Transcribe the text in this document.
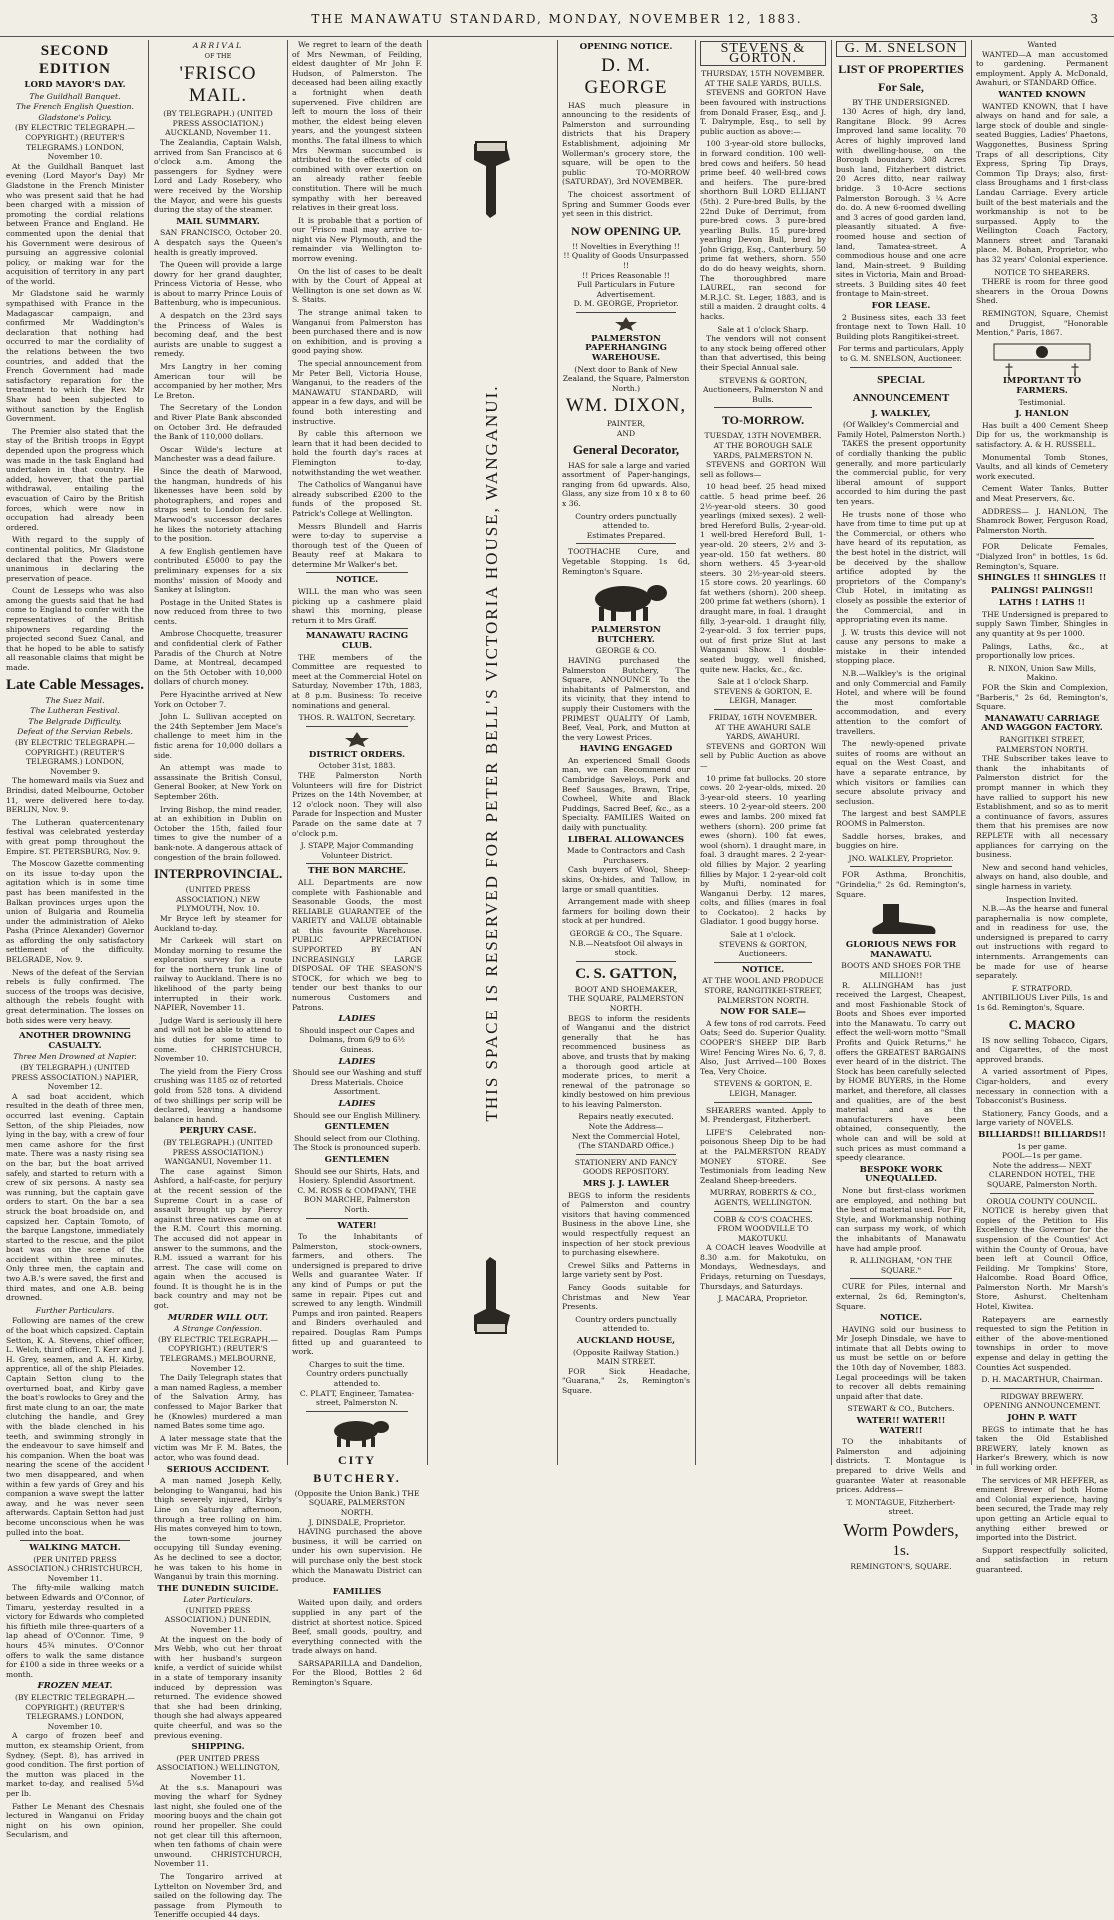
THE MANAWATU STANDARD, MONDAY, NOVEMBER 12, 1883.	3
SECOND EDITION
LORD MAYOR'S DAY.
The Guildhall Banquet.
The French English Question.
Gladstone's Policy.
(BY ELECTRIC TELEGRAPH.—COPYRIGHT.) (REUTER'S TELEGRAMS.) LONDON, November 10.

At the Guildhall Banquet last evening (Lord Mayor's Day) Mr Gladstone in the French Minister who was present said that he had been charged with a mission of promoting the cordial relations between France and England. He commented upon the denial that his Government were desirous of pursuing an aggressive colonial policy, or making war for the acquisition of territory in any part of the world.

Mr Gladstone said he warmly sympathised with France in the Madagascar campaign, and confirmed Mr Waddington's declaration that nothing had occurred to mar the cordiality of the relations between the two countries, and added that the French Government had made satisfactory reparation for the treatment to which the Rev. Mr Shaw had been subjected to without sanction by the English Government.

The Premier also stated that the stay of the British troops in Egypt depended upon the progress which was made in the task England had undertaken in that country. He added, however, that the partial withdrawal, entailing the evacuation of Cairo by the British forces, which were now in occupation had already been ordered.

With regard to the supply of continental politics, Mr Gladstone declared that the Powers were unanimous in declaring the preservation of peace.

Count de Lesseps who was also among the guests said that he had come to England to confer with the representatives of the British shipowners regarding the projected second Suez Canal, and that he hoped to be able to satisfy all reasonable claims that might be made.

Late Cable Messages.
The Suez Mail.
The Lutheran Festival.
The Belgrade Difficulty.
Defeat of the Servian Rebels.
(BY ELECTRIC TELEGRAPH.—COPYRIGHT.) (REUTER'S TELEGRAMS.) LONDON, November 9.

The homeward mails via Suez and Brindisi, dated Melbourne, October 11, were delivered here to-day. BERLIN, Nov. 9.

The Lutheran quatercentenary festival was celebrated yesterday with great pomp throughout the Empire. ST. PETERSBURG, Nov. 9.

The Moscow Gazette commenting on its issue to-day upon the agitation which is in some time past has been manifested in the Balkan provinces urges upon the union of Bulgaria and Roumelia under the administration of Aleko Pasha (Prince Alexander) Governor as affording the only satisfactory settlement of the difficulty. BELGRADE, Nov. 9.

News of the defeat of the Servian rebels is fully confirmed. The success of the troops was decisive, although the rebels fought with great determination. The losses on both sides were very heavy.

ANOTHER DROWNING CASUALTY.
Three Men Drowned at Napier.
(BY TELEGRAPH.) (UNITED PRESS ASSOCIATION.) NAPIER, November 12.

A sad boat accident, which resulted in the death of three men, occurred last evening. Captain Setton, of the ship Pleiades, now lying in the bay, with a crew of four men came ashore for the first mate. There was a nasty rising sea on the bar, but the boat arrived safely, and started to return with a crew of six persons. A nasty sea was running, but the captain gave orders to start. On the bar a sea struck the boat broadside on, and capsized her. Captain Tomoto, of the barque Langstone, immediately started to the rescue, and the pilot boat was on the scene of the accident within three minutes. Only three men, the captain and two A.B.'s were saved, the first and third mates, and one A.B. being drowned.

Further Particulars.

Following are names of the crew of the boat which capsized. Captain Setton, K. A. Stevens, chief officer, L. Welch, third officer, T. Kerr and J. H. Grey, seamen, and A. H. Kirby, apprentice, all of the ship Pleiades. Captain Setton clung to the overturned boat, and Kirby gave the boat's rowlocks to Grey and the first mate clung to an oar, the mate clutching the handle, and Grey with the blade clenched in his teeth, and swimming strongly in the endeavour to save himself and his companion. When the boat was nearing the scene of the accident two men disappeared, and when within a few yards of Grey and his companion a wave swept the latter away, and he was never seen afterwards. Captain Setton had just become unconscious when he was pulled into the boat.

WALKING MATCH.
(PER UNITED PRESS ASSOCIATION.) CHRISTCHURCH, November 11.

The fifty-mile walking match between Edwards and O'Connor, of Timaru, yesterday resulted in a victory for Edwards who completed his fiftieth mile three-quarters of a lap ahead of O'Connor. Time, 9 hours 45¾ minutes. O'Connor offers to walk the same distance for £100 a side in three weeks or a month.

FROZEN MEAT.
(BY ELECTRIC TELEGRAPH.—COPYRIGHT.) (REUTER'S TELEGRAMS.) LONDON, November 10.

A cargo of frozen beef and mutton, ex steamship Orient, from Sydney, (Sept. 8), has arrived in good condition. The first portion of the mutton was placed in the market to-day, and realised 5¼d per lb.

Father Le Menant des Chesnais lectured in Wanganui on Friday night on his own opinion, Secularism, and

ARRIVAL
OF THE
'FRISCO MAIL.
(BY TELEGRAPH.) (UNITED PRESS ASSOCIATION.) AUCKLAND, November 11.

The Zealandia, Captain Walsh, arrived from San Francisco at 6 o'clock a.m. Among the passengers for Sydney were Lord and Lady Rosebery, who were received by the Worship the Mayor, and were his guests during the stay of the steamer.

MAIL SUMMARY.

SAN FRANCISCO, October 20. A despatch says the Queen's health is greatly improved.

The Queen will provide a large dowry for her grand daughter, Princess Victoria of Hesse, who is about to marry Prince Louis of Battenburg, who is impecunious.

A despatch on the 23rd says the Princess of Wales is becoming deaf, and the best aurists are unable to suggest a remedy.

Mrs Langtry in her coming American tour will be accompanied by her mother, Mrs Le Breton.

The Secretary of the London and River Plate Bank absconded on October 3rd. He defrauded the Bank of 110,000 dollars.

Oscar Wilde's lecture at Manchester was a dead failure.

Since the death of Marwood, the hangman, hundreds of his likenesses have been sold by photographers, and ropes and straps sent to London for sale. Marwood's successor declares he likes the notoriety attaching to the position.

A few English gentlemen have contributed £5000 to pay the preliminary expenses for a six months' mission of Moody and Sankey at Islington.

Postage in the United States is now reduced from three to two cents.

Ambrose Chocquette, treasurer and confidential clerk of Father Paradis of the Church at Notre Dame, at Montreal, decamped on the 5th October with 10,000 dollars of church money.

Pere Hyacinthe arrived at New York on October 7.

John L. Sullivan accepted on the 24th September Jem Mace's challenge to meet him in the fistic arena for 10,000 dollars a side.

An attempt was made to assassinate the British Consul, General Booker, at New York on September 26th.

Irving Bishop, the mind reader, at an exhibition in Dublin on October the 15th, failed four times to give the number of a bank-note. A dangerous attack of congestion of the brain followed.

INTERPROVINCIAL.
(UNITED PRESS ASSOCIATION.) NEW PLYMOUTH, Nov. 10.

Mr Bryce left by steamer for Auckland to-day.

Mr Carkeek will start on Monday morning to resume the exploration survey for a route for the northern trunk line of railway to Auckland. There is no likelihood of the party being interrupted in their work. NAPIER, November 11.

Judge Ward is seriously ill here and will not be able to attend to his duties for some time to come. CHRISTCHURCH, November 10.

The yield from the Fiery Cross crushing was 1185 oz of retorted gold from 528 tons. A dividend of two shillings per scrip will be declared, leaving a handsome balance in hand.

PERJURY CASE.
(BY TELEGRAPH.) (UNITED PRESS ASSOCIATION.) WANGANUI, November 11.

The case against Simon Ashford, a half-caste, for perjury at the recent session of the Supreme Court in a case of assault brought up by Piercy against three natives came on at the R.M. Court this morning. The accused did not appear in answer to the summons, and the R.M. issued a warrant for his arrest. The case will come on again when the accused is found. It is thought he is in the back country and may not be got.

MURDER WILL OUT.
A Strange Confession.
(BY ELECTRIC TELEGRAPH.—COPYRIGHT.) (REUTER'S TELEGRAMS.) MELBOURNE, November 12.

The Daily Telegraph states that a man named Ragless, a member of the Salvation Army, has confessed to Major Barker that he (Knowles) murdered a man named Bates some time ago.

A later message state that the victim was Mr F. M. Bates, the actor, who was found dead.

SERIOUS ACCIDENT.

A man named Joseph Kelly, belonging to Wanganui, had his thigh severely injured, Kirby's Line on Saturday afternoon, through a tree rolling on him. His mates conveyed him to town, the town-some journey occupying till Sunday evening. As he declined to see a doctor, he was taken to his home in Wanganui by train this morning.

THE DUNEDIN SUICIDE.
Later Particulars.
(UNITED PRESS ASSOCIATION.) DUNEDIN, November 11.

At the inquest on the body of Mrs Webb, who cut her throat with her husband's surgeon knife, a verdict of suicide whilst in a state of temporary insanity induced by depression was returned. The evidence showed that she had been drinking, though she had always appeared quite cheerful, and was so the previous evening.

SHIPPING.
(PER UNITED PRESS ASSOCIATION.) WELLINGTON, November 11.

At the s.s. Manapouri was moving the wharf for Sydney last night, she fouled one of the mooring buoys and the chain got round her propeller. She could not get clear till this afternoon, when ten fathoms of chain were unwound. CHRISTCHURCH, November 11.

The Tongariro arrived at Lyttelton on November 3rd, and sailed on the following day. The passage from Plymouth to Teneriffe occupied 44 days.

We regret to learn of the death of Mrs Newman, of Feilding, eldest daughter of Mr John F. Hudson, of Palmerston. The deceased had been ailing exactly a fortnight when death supervened. Five children are left to mourn the loss of their mother, the eldest being eleven years, and the youngest sixteen months. The fatal illness to which Mrs Newman succumbed is attributed to the effects of cold combined with over exertion on an already rather feeble constitution. There will be much sympathy with her bereaved relatives in their great loss.

It is probable that a portion of our 'Frisco mail may arrive to-night via New Plymouth, and the remainder via Wellington to-morrow evening.

On the list of cases to be dealt with by the Court of Appeal at Wellington is one set down as W. S. Staits.

The strange animal taken to Wanganui from Palmerston has been purchased there and is now on exhibition, and is proving a good paying show.

The special announcement from Mr Peter Bell, Victoria House, Wanganui, to the readers of the MANAWATU STANDARD, will appear in a few days, and will be found both interesting and instructive.

By cable this afternoon we learn that it had been decided to hold the fourth day's races at Flemington to-day, notwithstanding the wet weather.

The Catholics of Wanganui have already subscribed £200 to the funds of the proposed St. Patrick's College at Wellington.

Messrs Blundell and Harris were to-day to supervise a thorough test of the Queen of Beauty reef at Makara to determine Mr Walker's bet.

NOTICE.

WILL the man who was seen picking up a cashmere plaid shawl this morning, please return it to Mrs Graff.

MANAWATU RACING CLUB.

THE members of the Committee are requested to meet at the Commercial Hotel on Saturday, November 17th, 1883, at 8 p.m. Business: To receive nominations and general.

THOS. R. WALTON, Secretary.
DISTRICT ORDERS.
October 31st, 1883.

THE Palmerston North Volunteers will fire for District Prizes on the 14th November, at 12 o'clock noon. They will also Parade for Inspection and Muster Parade on the same date at 7 o'clock p.m.

J. STAPP, Major Commanding Volunteer District.
THE BON MARCHE.

ALL Departments are now complete with Fashionable and Seasonable Goods, the most RELIABLE GUARANTEE of the VARIETY and VALUE obtainable at this favourite Warehouse. PUBLIC APPRECIATION SUPPORTED BY AN INCREASINGLY LARGE DISPOSAL OF THE SEASON'S STOCK, for which we beg to tender our best thanks to our numerous Customers and Patrons.

LADIES
Should inspect our Capes and Dolmans, from 6/9 to 6½ Guineas.
LADIES
Should see our Washing and stuff Dress Materials. Choice Assortment.
LADIES
Should see our English Millinery.
GENTLEMEN
Should select from our Clothing. The Stock is pronounced superb.
GENTLEMEN
Should see our Shirts, Hats, and Hosiery. Splendid Assortment.
C. M. ROSS & COMPANY, THE BON MARCHE, Palmerston North.
WATER!

To the Inhabitants of Palmerston, stock-owners, farmers, and others. The undersigned is prepared to drive Wells and guarantee Water. If any kind of Pumps or put the same in repair. Pipes cut and screwed to any length. Windmill Pumps and iron painted. Reapers and Binders overhauled and repaired. Douglas Ram Pumps fitted up and guaranteed to work.

Charges to suit the time.
Country orders punctually attended to.
C. PLATT, Engineer, Tamatea-street, Palmerston N.
CITY BUTCHERY.
(Opposite the Union Bank.) THE SQUARE, PALMERSTON NORTH.
J. DINSDALE, Proprietor.

HAVING purchased the above business, it will be carried on under his own supervision. He will purchase only the best stock which the Manawatu District can produce.

FAMILIES

Waited upon daily, and orders supplied in any part of the district at shortest notice. Spiced Beef, small goods, poultry, and everything connected with the trade always on hand.

SARSAPARILLA and Dandelion, For the Blood, Bottles 2 6d Remington's Square.

THIS SPACE IS RESERVED FOR PETER BELL'S VICTORIA HOUSE, WANGANUI.
OPENING NOTICE.
D. M. GEORGE

HAS much pleasure in announcing to the residents of Palmerston and surrounding districts that his Drapery Establishment, adjoining Mr Wollerman's grocery store, the square, will be open to the public TO-MORROW (SATURDAY), 3rd NOVEMBER.

The choicest assortment of Spring and Summer Goods ever yet seen in this district.

NOW OPENING UP.
!! Novelties in Everything !!
!! Quality of Goods Unsurpassed !!
!! Prices Reasonable !!
Full Particulars in Future Advertisement.
D. M. GEORGE, Proprietor.
PALMERSTON PAPERHANGING WAREHOUSE.
(Next door to Bank of New Zealand, the Square, Palmerston North.)
WM. DIXON,
PAINTER,
AND
General Decorator,

HAS for sale a large and varied assortment of Paper-hangings, ranging from 6d upwards. Also, Glass, any size from 10 x 8 to 60 x 36.

Country orders punctually attended to.
Estimates Prepared.

TOOTHACHE Cure, and Vegetable Stopping. 1s 6d, Remington's Square.

PALMERSTON BUTCHERY.
GEORGE & CO.

HAVING purchased the Palmerston Butchery, The Square, ANNOUNCE To the inhabitants of Palmerston, and its vicinity, that they intend to supply their Customers with the PRIMEST QUALITY Of Lamb, Beef, Veal, Pork, and Mutton at the very Lowest Prices.

HAVING ENGAGED

An experienced Small Goods man, we can Recommend our Cambridge Saveloys, Pork and Beef Sausages, Brawn, Tripe, Cowheel, White and Black Puddings, Sacred Beef, &c., as a Specialty. FAMILIES Waited on daily with punctuality.

LIBERAL ALLOWANCES
Made to Contractors and Cash Purchasers.

Cash buyers of Wool, Sheep-skins, Ox-hides, and Tallow, in large or small quantities.

Arrangement made with sheep farmers for boiling down their stock at per hundred.

GEORGE & CO., The Square.
N.B.—Neatsfoot Oil always in stock.
C. S. GATTON,
BOOT AND SHOEMAKER,
THE SQUARE, PALMERSTON NORTH.

BEGS to inform the residents of Wanganui and the district generally that he has recommenced business as above, and trusts that by making a thorough good article at moderate prices, to merit a renewal of the patronage so kindly bestowed on him previous to his leaving Palmerston.

Repairs neatly executed.
Note the Address—
Next the Commercial Hotel, (The STANDARD Office.)
STATIONERY AND FANCY GOODS REPOSITORY.
MRS J. J. LAWLER

BEGS to inform the residents of Palmerston and country visitors that having commenced Business in the above Line, she would respectfully request an inspection of her stock previous to purchasing elsewhere.

Crewel Silks and Patterns in large variety sent by Post.

Fancy Goods suitable for Christmas and New Year Presents.

Country orders punctually attended to.
AUCKLAND HOUSE,
(Opposite Railway Station.) MAIN STREET.

FOR Sick Headache, "Guarana," 2s, Remington's Square.

STEVENS & GORTON.
THURSDAY, 15TH NOVEMBER.
AT THE SALE YARDS, BULLS.

STEVENS and GORTON Have been favoured with instructions from Donald Fraser, Esq., and J. T. Dalrymple, Esq., to sell by public auction as above:—

100 3-year-old store bullocks, in forward condition. 100 well-bred cows and heifers. 50 head prime beef. 40 well-bred cows and heifers. The pure-bred shorthorn Bull LORD ELLIANT (5th). 2 Pure-bred Bulls, by the 22nd Duke of Derrimut, from pure-bred cows. 3 pure-bred yearling Bulls. 15 pure-bred yearling Devon Bull, bred by John Grigg, Esq., Canterbury. 50 prime fat wethers, shorn. 550 do do do heavy weights, shorn. The thoroughbred mare LAUREL, ran second for M.R.J.C. St. Leger, 1883, and is still a maiden. 2 draught colts. 4 hacks.

Sale at 1 o'clock Sharp.

The vendors will not consent to any stock being offered other than that advertised, this being their Special Annual sale.

STEVENS & GORTON, Auctioneers, Palmerston N and Bulls.
TO-MORROW.
TUESDAY, 13TH NOVEMBER.
AT THE BOROUGH SALE YARDS, PALMERSTON N.

STEVENS and GORTON Will sell as follows—

10 head beef. 25 head mixed cattle. 5 head prime beef. 26 2½-year-old steers. 30 good yearlings (mixed sexes). 2 well-bred Hereford Bulls, 2-year-old. 1 well-bred Hereford Bull, 1-year-old. 20 steers, 2½ and 3-year-old. 150 fat wethers. 80 shorn wethers. 45 3-year-old steers. 30 2½-year-old steers. 15 store cows. 20 yearlings. 60 fat wethers (shorn). 200 sheep. 200 prime fat wethers (shorn). 1 draught mare, in foal. 1 draught filly, 3-year-old. 1 draught filly, 2-year-old. 3 fox terrier pups, out of first prize Slut at last Wanganui Show. 1 double-seated buggy, well finished, quite new. Hacks, &c., &c.

Sale at 1 o'clock Sharp.
STEVENS & GORTON, E. LEIGH, Manager.
FRIDAY, 16TH NOVEMBER.
AT THE AWAHURI SALE YARDS, AWAHURI.

STEVENS and GORTON Will sell by Public Auction as above—

10 prime fat bullocks. 20 store cows. 20 2-year-olds, mixed. 20 3-year-old steers. 10 yearling steers. 10 2-year-old steers. 200 ewes and lambs. 200 mixed fat wethers (shorn). 200 prime fat ewes (shorn). 100 fat ewes, wool (shorn). 1 draught mare, in foal. 3 draught mares. 2 2-year-old fillies by Major. 2 yearling fillies by Major. 1 2-year-old colt by Mufti, nominated for Wanganui Derby. 12 mares, colts, and fillies (mares in foal to Cockatoo). 2 hacks by Gladiator. 1 good buggy horse.

Sale at 1 o'clock.
STEVENS & GORTON, Auctioneers.
NOTICE.
AT THE WOOL AND PRODUCE STORE, RANGITIKEI-STREET, PALMERSTON NORTH.
NOW FOR SALE—

A few tons of rod carrots. Feed Oats; Seed do. Superior Quality. COOPER'S SHEEP DIP. Barb Wire! Fencing Wires No. 6, 7, 8. Also, Just Arrived—100 Boxes Tea, Very Choice.

STEVENS & GORTON, E. LEIGH, Manager.

SHEARERS wanted. Apply to M. Prendergast, Fitzherbert.

LIFE'S Celebrated non-poisonous Sheep Dip to be had at the PALMERSTON READY MONEY STORE. See Testimonials from leading New Zealand Sheep-breeders.

MURRAY, ROBERTS & CO., AGENTS, WELLINGTON.
COBB & CO'S COACHES.
FROM WOODVILLE TO MAKOTUKU.

A COACH leaves Woodville at 8.30 a.m. for Makotuku, on Mondays, Wednesdays, and Fridays, returning on Tuesdays, Thursdays, and Saturdays.

J. MACARA, Proprietor.
G. M. SNELSON
LIST OF PROPERTIES For Sale,
BY THE UNDERSIGNED.

130 Acres of high, dry land, Rangitane Block. 99 Acres Improved land same locality. 70 Acres of highly improved land with dwelling-house, on the Borough boundary. 308 Acres bush land, Fitzherbert district. 20 Acres ditto, near railway bridge. 3 10-Acre sections Palmerston Borough. 3 ¼ Acre do. do. A new 6-roomed dwelling and 3 acres of good garden land, pleasantly situated. A five-roomed house and section of land, Tamatea-street. A commodious house and one acre land, Main-street. 9 Building sites in Victoria, Main and Broad-streets. 3 Building sites 40 feet frontage to Main-street.

FOR LEASE.

2 Business sites, each 33 feet frontage next to Town Hall. 10 Building plots Rangitikei-street.

For terms and particulars, Apply to G. M. SNELSON, Auctioneer.
SPECIAL ANNOUNCEMENT
J. WALKLEY,
(Of Walkley's Commercial and Family Hotel, Palmerston North.)

TAKES the present opportunity of cordially thanking the public generally, and more particularly the commercial public, for very liberal amount of support accorded to him during the past ten years.

He trusts none of those who have from time to time put up at the Commercial, or others who have heard of its reputation, as the best hotel in the district, will be deceived by the shallow artifice adopted by the proprietors of the Company's Club Hotel, in imitating as closely as possible the exterior of the Commercial, and in appropriating even its name.

J. W. trusts this device will not cause any persons to make a mistake in their intended stopping place.

N.B.—Walkley's is the original and only Commercial and Family Hotel, and where will be found the most comfortable accommodation, and every attention to the comfort of travellers.

The newly-opened private suites of rooms are without an equal on the West Coast, and have a separate entrance, by which visitors or families can secure absolute privacy and seclusion.

The largest and best SAMPLE ROOMS in Palmerston.

Saddle horses, brakes, and buggies on hire.

JNO. WALKLEY, Proprietor.

FOR Asthma, Bronchitis, "Grindelia," 2s 6d. Remington's, Square.

GLORIOUS NEWS FOR MANAWATU.
BOOTS AND SHOES FOR THE MILLION!!

R. ALLINGHAM has just received the Largest, Cheapest, and most Fashionable Stock of Boots and Shoes ever imported into the Manawatu. To carry out effect the well-worn motto "Small Profits and Quick Returns," he offers the GREATEST BARGAINS ever heard of in the district. The Stock has been carefully selected by HOME BUYERS, in the Home market, and therefore, all classes and qualities, are of the best material and as the manufacturers have been obtained, consequently, the whole can and will be sold at such prices as must command a speedy clearance.

BESPOKE WORK UNEQUALLED.

None but first-class workmen are employed, and nothing but the best of material used. For Fit, Style, and Workmanship nothing can surpass my work, of which the inhabitants of Manawatu have had ample proof.

R. ALLINGHAM, "ON THE SQUARE."

CURE for Piles, internal and external, 2s 6d, Remington's, Square.

NOTICE.

HAVING sold our business to Mr Joseph Dinsdale, we have to intimate that all Debts owing to us must be settle on or before the 10th day of November, 1883. Legal proceedings will be taken to recover all debts remaining unpaid after that date.

STEWART & CO., Butchers.
WATER!! WATER!! WATER!!

TO the inhabitants of Palmerston and adjoining districts. T. Montague is prepared to drive Wells and guarantee Water at reasonable prices. Address—

T. MONTAGUE, Fitzherbert-street.
Worm Powders,
1s.
REMINGTON'S, SQUARE.
Wanted

WANTED—A man accustomed to gardening. Permanent employment. Apply A. McDonald, Awahuri, or STANDARD Office.

WANTED KNOWN

WANTED KNOWN, that I have always on hand and for sale, a large stock of double and single-seated Buggies, Ladies' Phaetons, Waggonettes, Business Spring Traps of all descriptions, City Express, Spring Tip Drays, Common Tip Drays; also, first-class Broughams and 1 first-class Landau Carriage. Every article built of the best materials and the workmanship is not to be surpassed. Apply to the Wellington Coach Factory, Manners street and Taranaki place. M. Bohan, Proprietor, who has 32 years' Colonial experience.

NOTICE TO SHEARERS.

THERE is room for three good shearers in the Oroua Downs Shed.

REMINGTON, Square, Chemist and Druggist, "Honorable Mention," Paris, 1867.

†	†
IMPORTANT TO FARMERS.
Testimonial.
J. HANLON

Has built a 400 Cement Sheep Dip for us, the workmanship is satisfactory. A. & H. RUSSELL.

Monumental Tomb Stones, Vaults, and all kinds of Cemetery work executed.

Cement Water Tanks, Butter and Meat Preservers, &c.

ADDRESS— J. HANLON, The Shamrock Bower, Ferguson Road, Palmerston North.

FOR Delicate Females, "Dialyzed Iron" in bottles, 1s 6d. Remington's, Square.

SHINGLES !! SHINGLES !!
PALINGS! PALINGS!!
LATHS ! LATHS !!

THE Undersigned is prepared to supply Sawn Timber, Shingles in any quantity at 9s per 1000.

Palings, Laths, &c., at proportionally low prices.

R. NIXON, Union Saw Mills, Makino.

FOR the Skin and Complexion, "Barberis," 2s 6d, Remington's, Square.

MANAWATU CARRIAGE AND WAGGON FACTORY.
RANGITIKEI STREET, PALMERSTON NORTH.

THE Subscriber takes leave to thank the inhabitants of Palmerston district for the prompt manner in which they have rallied to support his new Establishment, and so as to merit a continuance of favors, assures them that his premises are now REPLETE with all necessary appliances for carrying on the business.

New and second hand vehicles, always on hand, also double, and single harness in variety.

Inspection Invited.

N.B.—As the hearse and funeral paraphernalia is now complete, and in readiness for use, the undersigned is prepared to carry out instructions with regard to internments. Arrangements can be made for use of hearse separately.

F. STRATFORD.

ANTIBILIOUS Liver Pills, 1s and 1s 6d. Remington's, Square.

C. MACRO

IS now selling Tobacco, Cigars, and Cigarettes, of the most approved brands.

A varied assortment of Pipes, Cigar-holders, and every necessary in connection with a Tobacconist's Business.

Stationery, Fancy Goods, and a large variety of NOVELS.

BILLIARDS!! BILLIARDS!!
1s per game.
POOL—1s per game.
Note the address— NEXT CLARENDON HOTEL, THE SQUARE, Palmerston North.
OROUA COUNTY COUNCIL.

NOTICE is hereby given that copies of the Petition to His Excellency the Governor for the suspension of the Counties' Act within the County of Oroua, have been left at Council Office, Feilding. Mr Tompkins' Store, Halcombe. Road Board Office, Palmerston North. Mr Marsh's Store, Ashurst. Cheltenham Hotel, Kiwitea.

Ratepayers are earnestly requested to sign the Petition in either of the above-mentioned townships in order to move expense and delay in getting the Counties Act suspended.

D. H. MACARTHUR, Chairman.
RIDGWAY BREWERY.
OPENING ANNOUNCEMENT.
JOHN P. WATT

BEGS to intimate that he has taken the Old Established BREWERY, lately known as Harker's Brewery, which is now in full working order.

The services of MR HEFFER, as eminent Brewer of both Home and Colonial experience, having been secured, the Trade may rely upon getting an Article equal to anything either brewed or imported into the District.

Support respectfully solicited, and satisfaction in return guaranteed.
